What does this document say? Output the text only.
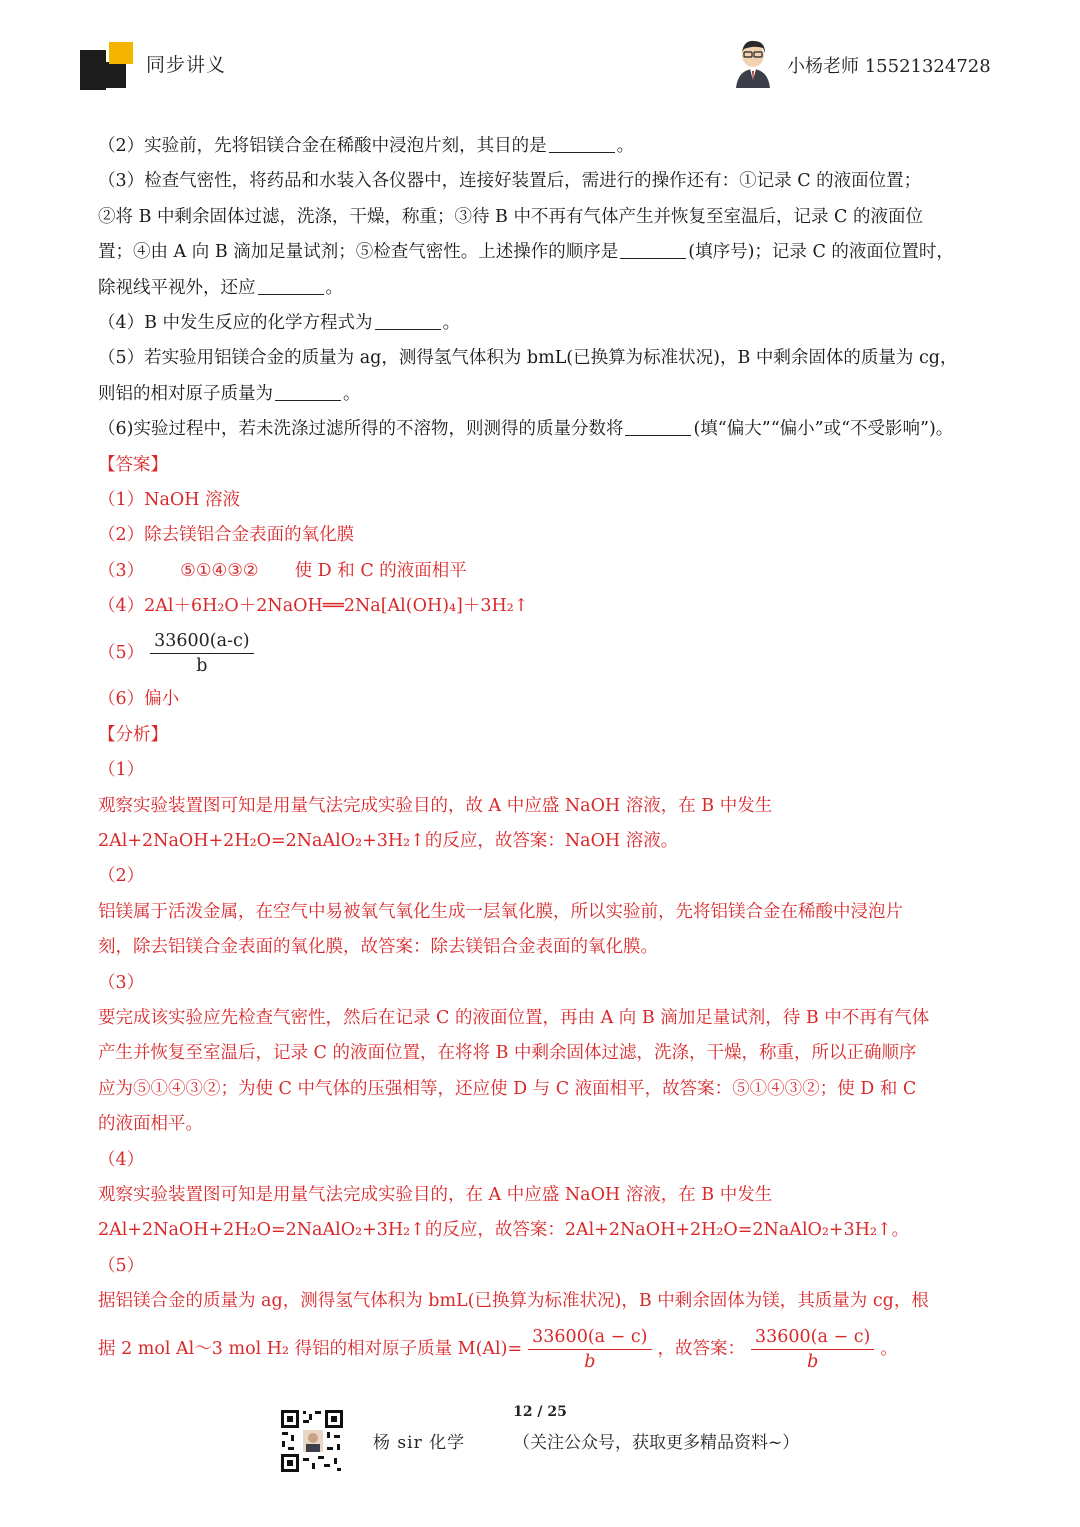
同步讲义	小杨老师 15521324728
（2）实验前，先将铝镁合金在稀酸中浸泡片刻，其目的是	。
（3）检查气密性，将药品和水装入各仪器中，连接好装置后，需进行的操作还有：①记录 C 的液面位置；
②将 B 中剩余固体过滤，洗涤，干燥，称重；③待 B 中不再有气体产生并恢复至室温后，记录 C 的液面位
置；④由 A 向 B 滴加足量试剂；⑤检查气密性。上述操作的顺序是	(填序号)；记录 C 的液面位置时，
除视线平视外，还应	。
（4）B 中发生反应的化学方程式为	。
（5）若实验用铝镁合金的质量为 ag，测得氢气体积为 bmL(已换算为标准状况)，B 中剩余固体的质量为 cg，
则铝的相对原子质量为	。
（6)实验过程中，若未洗涤过滤所得的不溶物，则测得的质量分数将	(填“偏大”“偏小”或“不受影响”)。
【答案】
（1）NaOH 溶液
（2）除去镁铝合金表面的氧化膜
（3） ⑤①④③② 使 D 和 C 的液面相平
（4）2Al＋6H₂O＋2NaOH══2Na[Al(OH)₄]＋3H₂↑
$(5) \frac{33600(a-c)}{b}$
（6）偏小
【分析】
（1）
观察实验装置图可知是用量气法完成实验目的，故 A 中应盛 NaOH 溶液，在 B 中发生
2Al+2NaOH+2H₂O=2NaAlO₂+3H₂↑的反应，故答案：NaOH 溶液。
（2）
铝镁属于活泼金属，在空气中易被氧气氧化生成一层氧化膜，所以实验前，先将铝镁合金在稀酸中浸泡片
刻，除去铝镁合金表面的氧化膜，故答案：除去镁铝合金表面的氧化膜。
（3）
要完成该实验应先检查气密性，然后在记录 C 的液面位置，再由 A 向 B 滴加足量试剂，待 B 中不再有气体
产生并恢复至室温后，记录 C 的液面位置，在将将 B 中剩余固体过滤，洗涤，干燥，称重，所以正确顺序
应为⑤①④③②；为使 C 中气体的压强相等，还应使 D 与 C 液面相平，故答案：⑤①④③②；使 D 和 C
的液面相平。
（4）
观察实验装置图可知是用量气法完成实验目的，在 A 中应盛 NaOH 溶液，在 B 中发生
2Al+2NaOH+2H₂O=2NaAlO₂+3H₂↑的反应，故答案：2Al+2NaOH+2H₂O=2NaAlO₂+3H₂↑。
（5）
据铝镁合金的质量为 ag，测得氢气体积为 bmL(已换算为标准状况)，B 中剩余固体为镁，其质量为 cg，根
据 2 mol Al～3 mol H₂ 得铝的相对原子质量 $M(Al)= \frac{33600(a - c)}{b}$ ，故答案： $\frac{33600(a - c)}{b}$ 。
12 / 25
杨 sir 化学	（关注公众号，获取更多精品资料~）
